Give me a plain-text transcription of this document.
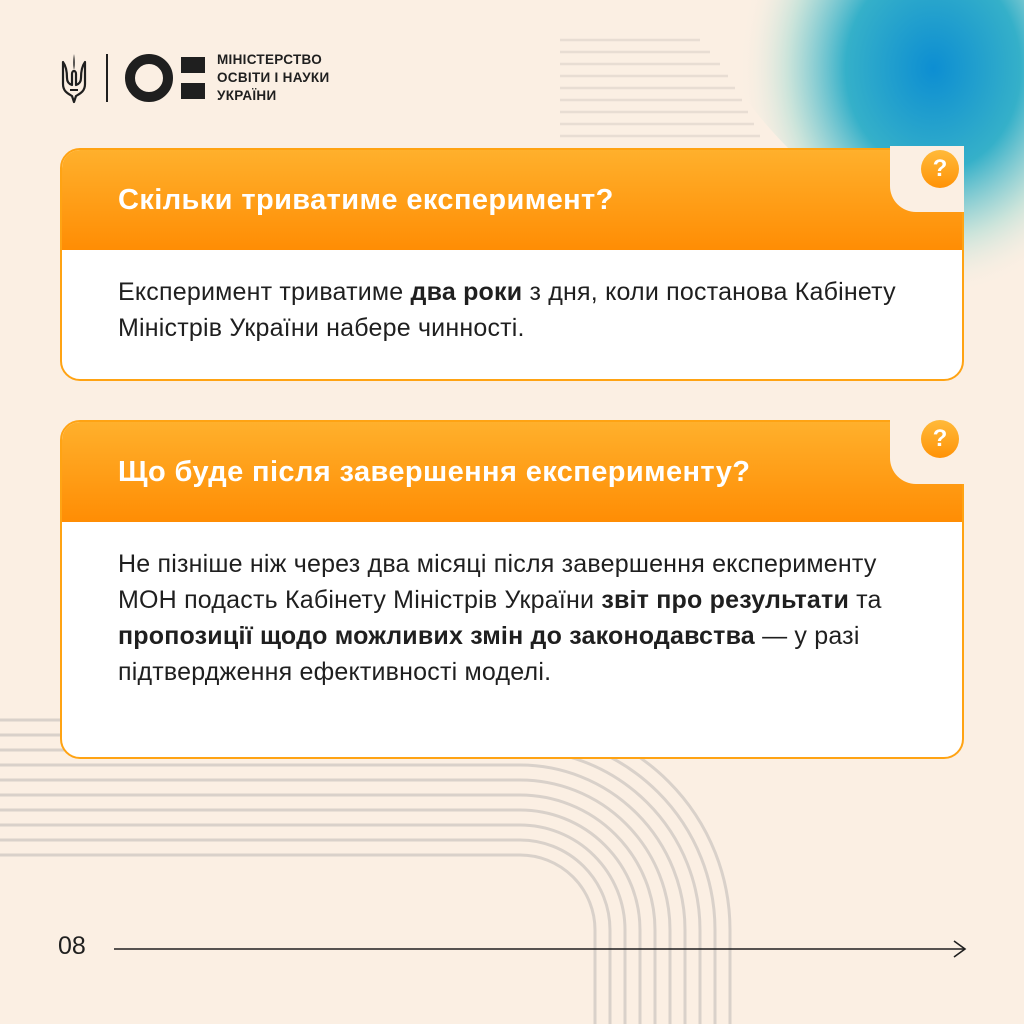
МІНІСТЕРСТВО
ОСВІТИ І НАУКИ
УКРАЇНИ
Скільки триватиме експеримент?
Експеримент триватиме два роки з дня, коли постанова Кабінету Міністрів України набере чинності.
?
Що буде після завершення експерименту?
Не пізніше ніж через два місяці після завершення експерименту МОН подасть Кабінету Міністрів України звіт про результати та пропозиції щодо можливих змін до законодавства — у разі підтвердження ефективності моделі.
?
08
